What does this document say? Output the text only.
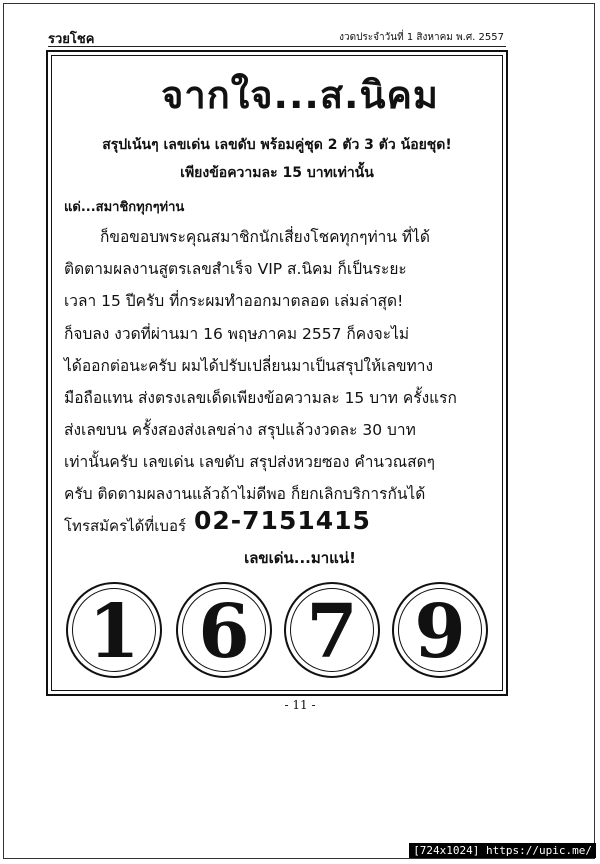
รวยโชค	งวดประจำวันที่ 1 สิงหาคม พ.ศ. 2557
จากใจ...ส.นิคม
สรุปเน้นๆ เลขเด่น เลขดับ พร้อมคู่ชุด 2 ตัว 3 ตัว น้อยชุด!
เพียงข้อความละ 15 บาทเท่านั้น
แด่...สมาชิกทุกๆท่าน
ก็ขอขอบพระคุณสมาชิกนักเสี่ยงโชคทุกๆท่าน ที่ได้
ติดตามผลงานสูตรเลขสำเร็จ VIP ส.นิคม ก็เป็นระยะ
เวลา 15 ปีครับ ที่กระผมทำออกมาตลอด เล่มล่าสุด!
ก็จบลง งวดที่ผ่านมา 16 พฤษภาคม 2557 ก็คงจะไม่
ได้ออกต่อนะครับ ผมได้ปรับเปลี่ยนมาเป็นสรุปให้เลขทาง
มือถือแทน ส่งตรงเลขเด็ดเพียงข้อความละ 15 บาท ครั้งแรก
ส่งเลขบน ครั้งสองส่งเลขล่าง สรุปแล้วงวดละ 30 บาท
เท่านั้นครับ เลขเด่น เลขดับ สรุปส่งหวยซอง คำนวณสดๆ
ครับ ติดตามผลงานแล้วถ้าไม่ดีพอ ก็ยกเลิกบริการกันได้
โทรสมัครได้ที่เบอร์ 02-7151415
เลขเด่น...มาแน่!
1 6 7 9
- 11 -
[724x1024] https://upic.me/
